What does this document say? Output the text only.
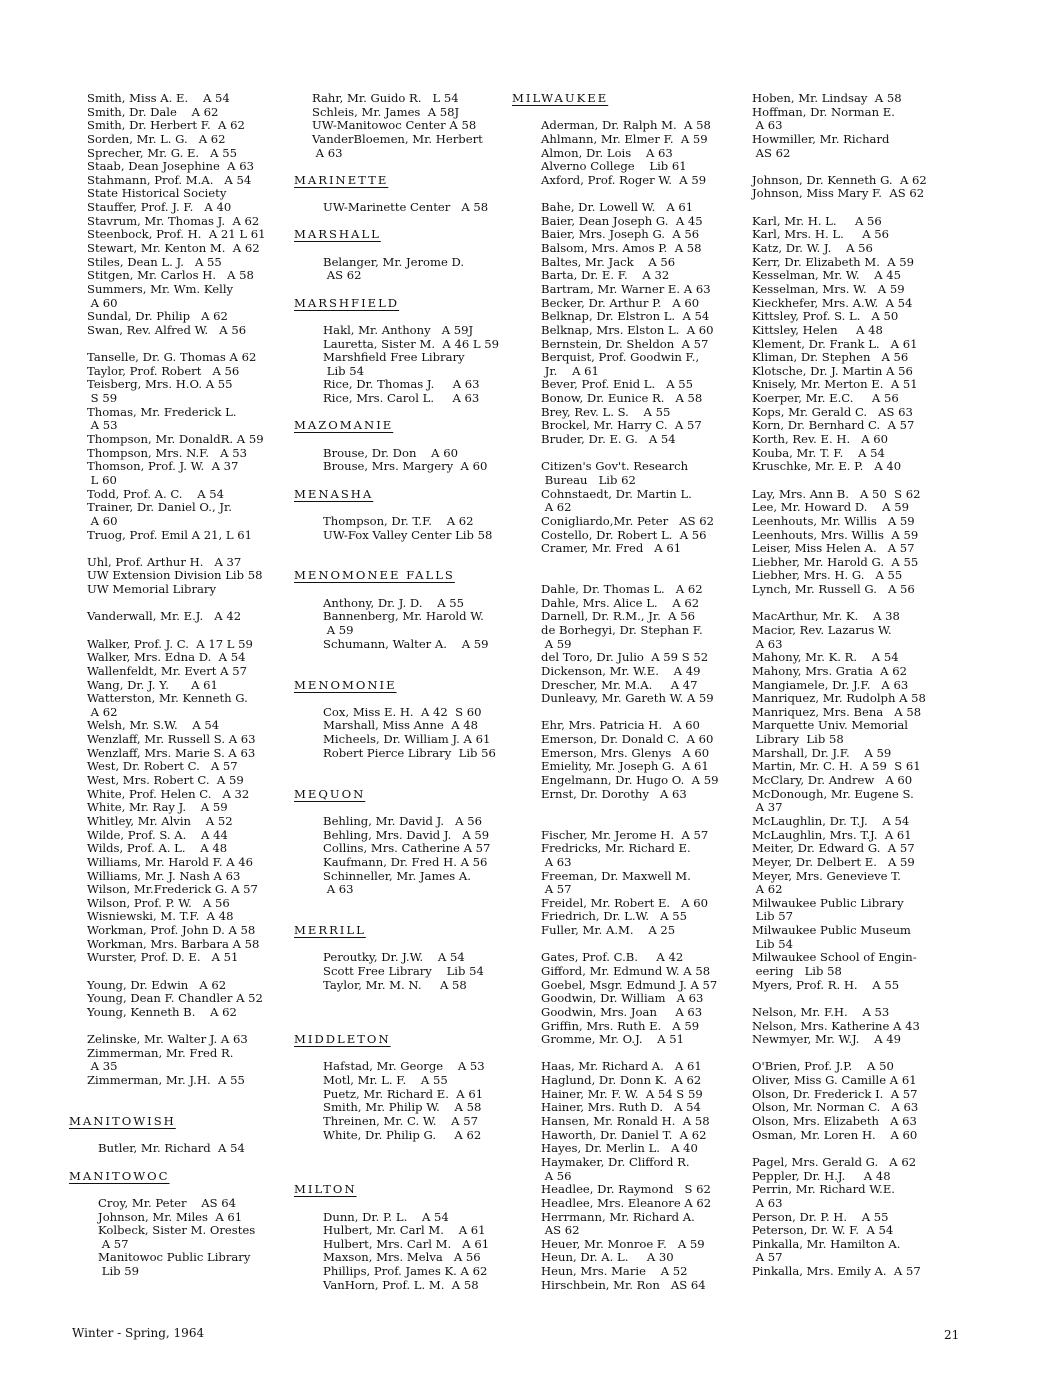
Smith, Miss A. E.    A 54
Smith, Dr. Dale    A 62
Smith, Dr. Herbert F.  A 62
Sorden, Mr. L. G.   A 62
Sprecher, Mr. G. E.   A 55
Staab, Dean Josephine  A 63
Stahmann, Prof. M.A.   A 54
State Historical Society
Stauffer, Prof. J. F.   A 40
Stavrum, Mr. Thomas J.  A 62
Steenbock, Prof. H.  A 21 L 61
Stewart, Mr. Kenton M.  A 62
Stiles, Dean L. J.   A 55
Stitgen, Mr. Carlos H.   A 58
Summers, Mr. Wm. Kelly
A 60
Sundal, Dr. Philip   A 62
Swan, Rev. Alfred W.   A 56
Tanselle, Dr. G. Thomas A 62
Taylor, Prof. Robert   A 56
Teisberg, Mrs. H.O. A 55
S 59
Thomas, Mr. Frederick L.
A 53
Thompson, Mr. DonaldR. A 59
Thompson, Mrs. N.F.   A 53
Thomson, Prof. J. W.  A 37
L 60
Todd, Prof. A. C.    A 54
Trainer, Dr. Daniel O., Jr.
A 60
Truog, Prof. Emil A 21, L 61
Uhl, Prof. Arthur H.   A 37
UW Extension Division Lib 58
UW Memorial Library
Vanderwall, Mr. E.J.   A 42
Walker, Prof. J. C.  A 17 L 59
Walker, Mrs. Edna D.  A 54
Wallenfeldt, Mr. Evert A 57
Wang, Dr. J. Y.      A 61
Watterston, Mr. Kenneth G.
A 62
Welsh, Mr. S.W.    A 54
Wenzlaff, Mr. Russell S. A 63
Wenzlaff, Mrs. Marie S. A 63
West, Dr. Robert C.   A 57
West, Mrs. Robert C.  A 59
White, Prof. Helen C.   A 32
White, Mr. Ray J.    A 59
Whitley, Mr. Alvin    A 52
Wilde, Prof. S. A.    A 44
Wilds, Prof. A. L.    A 48
Williams, Mr. Harold F. A 46
Williams, Mr. J. Nash A 63
Wilson, Mr.Frederick G. A 57
Wilson, Prof. P. W.   A 56
Wisniewski, M. T.F.  A 48
Workman, Prof. John D. A 58
Workman, Mrs. Barbara A 58
Wurster, Prof. D. E.   A 51
Young, Dr. Edwin   A 62
Young, Dean F. Chandler A 52
Young, Kenneth B.    A 62
Zelinske, Mr. Walter J. A 63
Zimmerman, Mr. Fred R.
A 35
Zimmerman, Mr. J.H.  A 55
MANITOWISH
Butler, Mr. Richard  A 54
MANITOWOC
Croy, Mr. Peter    AS 64
Johnson, Mr. Miles  A 61
Kolbeck, Sister M. Orestes
A 57
Manitowoc Public Library
Lib 59
Rahr, Mr. Guido R.   L 54
Schleis, Mr. James  A 58J
UW-Manitowoc Center A 58
VanderBloemen, Mr. Herbert
A 63
MARINETTE
UW-Marinette Center   A 58
MARSHALL
Belanger, Mr. Jerome D.
AS 62
MARSHFIELD
Hakl, Mr. Anthony   A 59J
Lauretta, Sister M.  A 46 L 59
Marshfield Free Library
Lib 54
Rice, Dr. Thomas J.     A 63
Rice, Mrs. Carol L.     A 63
MAZOMANIE
Brouse, Dr. Don    A 60
Brouse, Mrs. Margery  A 60
MENASHA
Thompson, Dr. T.F.    A 62
UW-Fox Valley Center Lib 58
MENOMONEE FALLS
Anthony, Dr. J. D.    A 55
Bannenberg, Mr. Harold W.
A 59
Schumann, Walter A.    A 59
MENOMONIE
Cox, Miss E. H.  A 42  S 60
Marshall, Miss Anne  A 48
Micheels, Dr. William J. A 61
Robert Pierce Library  Lib 56
MEQUON
Behling, Mr. David J.   A 56
Behling, Mrs. David J.   A 59
Collins, Mrs. Catherine A 57
Kaufmann, Dr. Fred H. A 56
Schinneller, Mr. James A.
A 63
MERRILL
Peroutky, Dr. J.W.    A 54
Scott Free Library    Lib 54
Taylor, Mr. M. N.     A 58
MIDDLETON
Hafstad, Mr. George    A 53
Motl, Mr. L. F.    A 55
Puetz, Mr. Richard E.  A 61
Smith, Mr. Philip W.    A 58
Threinen, Mr. C. W.    A 57
White, Dr. Philip G.     A 62
MILTON
Dunn, Dr. P. L.    A 54
Hulbert, Mr. Carl M.    A 61
Hulbert, Mrs. Carl M.   A 61
Maxson, Mrs. Melva   A 56
Phillips, Prof. James K. A 62
VanHorn, Prof. L. M.  A 58
MILWAUKEE
Aderman, Dr. Ralph M.  A 58
Ahlmann, Mr. Elmer F.  A 59
Almon, Dr. Lois    A 63
Alverno College    Lib 61
Axford, Prof. Roger W.  A 59
Bahe, Dr. Lowell W.   A 61
Baier, Dean Joseph G.  A 45
Baier, Mrs. Joseph G.  A 56
Balsom, Mrs. Amos P.  A 58
Baltes, Mr. Jack    A 56
Barta, Dr. E. F.    A 32
Bartram, Mr. Warner E. A 63
Becker, Dr. Arthur P.   A 60
Belknap, Dr. Elstron L.  A 54
Belknap, Mrs. Elston L.  A 60
Bernstein, Dr. Sheldon  A 57
Berquist, Prof. Goodwin F.,
Jr.    A 61
Bever, Prof. Enid L.   A 55
Bonow, Dr. Eunice R.   A 58
Brey, Rev. L. S.    A 55
Brockel, Mr. Harry C.  A 57
Bruder, Dr. E. G.   A 54
Citizen's Gov't. Research
Bureau   Lib 62
Cohnstaedt, Dr. Martin L.
A 62
Conigliardo,Mr. Peter   AS 62
Costello, Dr. Robert L.  A 56
Cramer, Mr. Fred   A 61
Dahle, Dr. Thomas L.   A 62
Dahle, Mrs. Alice L.    A 62
Darnell, Dr. R.M., Jr.  A 56
de Borhegyi, Dr. Stephan F.
A 59
del Toro, Dr. Julio  A 59 S 52
Dickenson, Mr. W.E.    A 49
Drescher, Mr. M.A.     A 47
Dunleavy, Mr. Gareth W. A 59
Ehr, Mrs. Patricia H.   A 60
Emerson, Dr. Donald C.  A 60
Emerson, Mrs. Glenys   A 60
Emielity, Mr. Joseph G.  A 61
Engelmann, Dr. Hugo O.  A 59
Ernst, Dr. Dorothy   A 63
Fischer, Mr. Jerome H.  A 57
Fredricks, Mr. Richard E.
A 63
Freeman, Dr. Maxwell M.
A 57
Freidel, Mr. Robert E.   A 60
Friedrich, Dr. L.W.   A 55
Fuller, Mr. A.M.    A 25
Gates, Prof. C.B.     A 42
Gifford, Mr. Edmund W. A 58
Goebel, Msgr. Edmund J. A 57
Goodwin, Dr. William   A 63
Goodwin, Mrs. Joan     A 63
Griffin, Mrs. Ruth E.   A 59
Gromme, Mr. O.J.    A 51
Haas, Mr. Richard A.   A 61
Haglund, Dr. Donn K.  A 62
Hainer, Mr. F. W.  A 54 S 59
Hainer, Mrs. Ruth D.   A 54
Hansen, Mr. Ronald H.  A 58
Haworth, Dr. Daniel T.  A 62
Hayes, Dr. Merlin L.   A 40
Haymaker, Dr. Clifford R.
A 56
Headlee, Dr. Raymond   S 62
Headlee, Mrs. Eleanore A 62
Herrmann, Mr. Richard A.
AS 62
Heuer, Mr. Monroe F.   A 59
Heun, Dr. A. L.     A 30
Heun, Mrs. Marie    A 52
Hirschbein, Mr. Ron   AS 64
Hoben, Mr. Lindsay  A 58
Hoffman, Dr. Norman E.
A 63
Howmiller, Mr. Richard
AS 62
Johnson, Dr. Kenneth G.  A 62
Johnson, Miss Mary F.  AS 62
Karl, Mr. H. L.     A 56
Karl, Mrs. H. L.     A 56
Katz, Dr. W. J.    A 56
Kerr, Dr. Elizabeth M.  A 59
Kesselman, Mr. W.    A 45
Kesselman, Mrs. W.   A 59
Kieckhefer, Mrs. A.W.  A 54
Kittsley, Prof. S. L.   A 50
Kittsley, Helen     A 48
Klement, Dr. Frank L.   A 61
Kliman, Dr. Stephen   A 56
Klotsche, Dr. J. Martin A 56
Knisely, Mr. Merton E.  A 51
Koerper, Mr. E.C.     A 56
Kops, Mr. Gerald C.   AS 63
Korn, Dr. Bernhard C.  A 57
Korth, Rev. E. H.   A 60
Kouba, Mr. T. F.    A 54
Kruschke, Mr. E. P.   A 40
Lay, Mrs. Ann B.   A 50  S 62
Lee, Mr. Howard D.    A 59
Leenhouts, Mr. Willis   A 59
Leenhouts, Mrs. Willis  A 59
Leiser, Miss Helen A.   A 57
Liebher, Mr. Harold G.  A 55
Liebher, Mrs. H. G.   A 55
Lynch, Mr. Russell G.   A 56
MacArthur, Mr. K.    A 38
Macior, Rev. Lazarus W.
A 63
Mahony, Mr. K. R.    A 54
Mahony, Mrs. Gratia  A 62
Mangiamele, Dr. J.F.   A 63
Manriquez, Mr. Rudolph A 58
Manriquez, Mrs. Bena   A 58
Marquette Univ. Memorial
Library  Lib 58
Marshall, Dr. J.F.    A 59
Martin, Mr. C. H.  A 59  S 61
McClary, Dr. Andrew   A 60
McDonough, Mr. Eugene S.
A 37
McLaughlin, Dr. T.J.    A 54
McLaughlin, Mrs. T.J.  A 61
Meiter, Dr. Edward G.  A 57
Meyer, Dr. Delbert E.   A 59
Meyer, Mrs. Genevieve T.
A 62
Milwaukee Public Library
Lib 57
Milwaukee Public Museum
Lib 54
Milwaukee School of Engin-
eering   Lib 58
Myers, Prof. R. H.    A 55
Nelson, Mr. F.H.    A 53
Nelson, Mrs. Katherine A 43
Newmyer, Mr. W.J.    A 49
O'Brien, Prof. J.P.    A 50
Oliver, Miss G. Camille A 61
Olson, Dr. Frederick I.  A 57
Olson, Mr. Norman C.   A 63
Olson, Mrs. Elizabeth   A 63
Osman, Mr. Loren H.    A 60
Pagel, Mrs. Gerald G.   A 62
Peppler, Dr. H.J.     A 48
Perrin, Mr. Richard W.E.
A 63
Person, Dr. P. H.    A 55
Peterson, Dr. W. F.  A 54
Pinkalla, Mr. Hamilton A.
A 57
Pinkalla, Mrs. Emily A.  A 57
Winter - Spring, 1964	21
